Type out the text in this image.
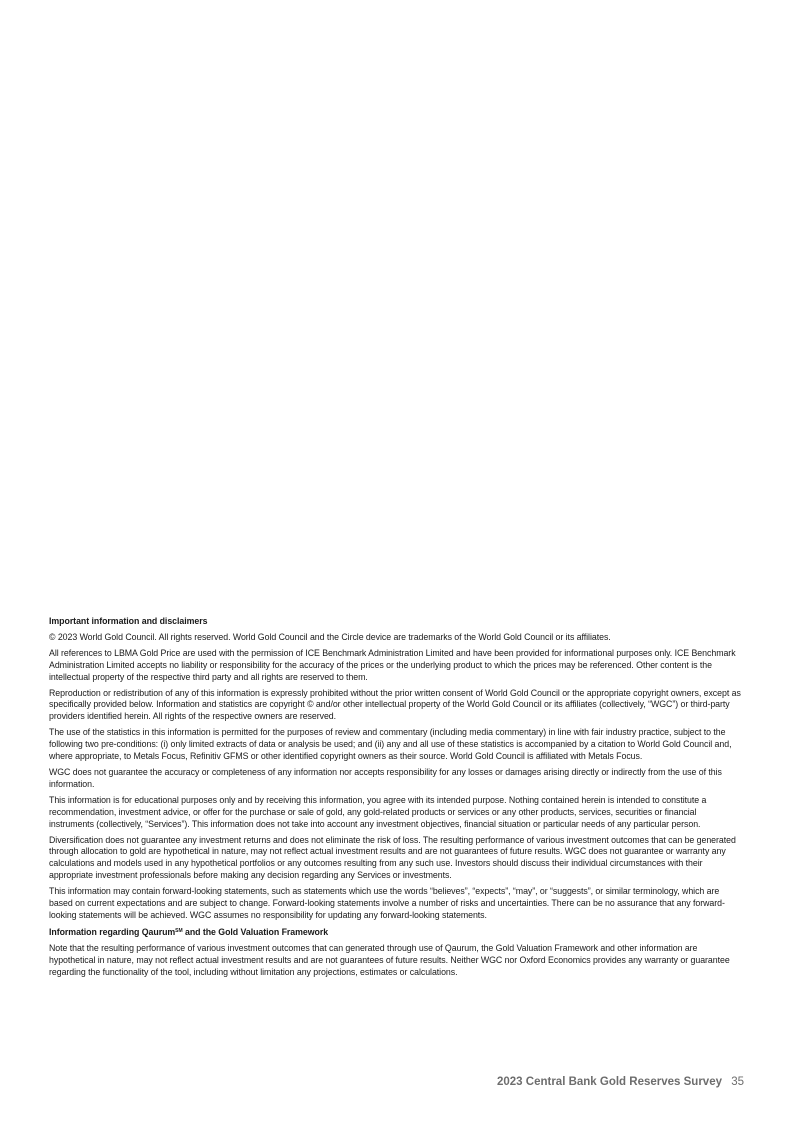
Important information and disclaimers

© 2023 World Gold Council. All rights reserved. World Gold Council and the Circle device are trademarks of the World Gold Council or its affiliates.

All references to LBMA Gold Price are used with the permission of ICE Benchmark Administration Limited and have been provided for informational purposes only. ICE Benchmark Administration Limited accepts no liability or responsibility for the accuracy of the prices or the underlying product to which the prices may be referenced. Other content is the intellectual property of the respective third party and all rights are reserved to them.

Reproduction or redistribution of any of this information is expressly prohibited without the prior written consent of World Gold Council or the appropriate copyright owners, except as specifically provided below. Information and statistics are copyright © and/or other intellectual property of the World Gold Council or its affiliates (collectively, “WGC”) or third-party providers identified herein. All rights of the respective owners are reserved.

The use of the statistics in this information is permitted for the purposes of review and commentary (including media commentary) in line with fair industry practice, subject to the following two pre-conditions: (i) only limited extracts of data or analysis be used; and (ii) any and all use of these statistics is accompanied by a citation to World Gold Council and, where appropriate, to Metals Focus, Refinitiv GFMS or other identified copyright owners as their source. World Gold Council is affiliated with Metals Focus.

WGC does not guarantee the accuracy or completeness of any information nor accepts responsibility for any losses or damages arising directly or indirectly from the use of this information.

This information is for educational purposes only and by receiving this information, you agree with its intended purpose. Nothing contained herein is intended to constitute a recommendation, investment advice, or offer for the purchase or sale of gold, any gold-related products or services or any other products, services, securities or financial instruments (collectively, “Services”). This information does not take into account any investment objectives, financial situation or particular needs of any particular person.

Diversification does not guarantee any investment returns and does not eliminate the risk of loss. The resulting performance of various investment outcomes that can be generated through allocation to gold are hypothetical in nature, may not reflect actual investment results and are not guarantees of future results. WGC does not guarantee or warranty any calculations and models used in any hypothetical portfolios or any outcomes resulting from any such use. Investors should discuss their individual circumstances with their appropriate investment professionals before making any decision regarding any Services or investments.

This information may contain forward-looking statements, such as statements which use the words “believes”, “expects”, “may”, or “suggests”, or similar terminology, which are based on current expectations and are subject to change. Forward-looking statements involve a number of risks and uncertainties. There can be no assurance that any forward-looking statements will be achieved. WGC assumes no responsibility for updating any forward-looking statements.

Information regarding Qaurum℠ and the Gold Valuation Framework

Note that the resulting performance of various investment outcomes that can generated through use of Qaurum, the Gold Valuation Framework and other information are hypothetical in nature, may not reflect actual investment results and are not guarantees of future results. Neither WGC nor Oxford Economics provides any warranty or guarantee regarding the functionality of the tool, including without limitation any projections, estimates or calculations.

2023 Central Bank Gold Reserves Survey 35
